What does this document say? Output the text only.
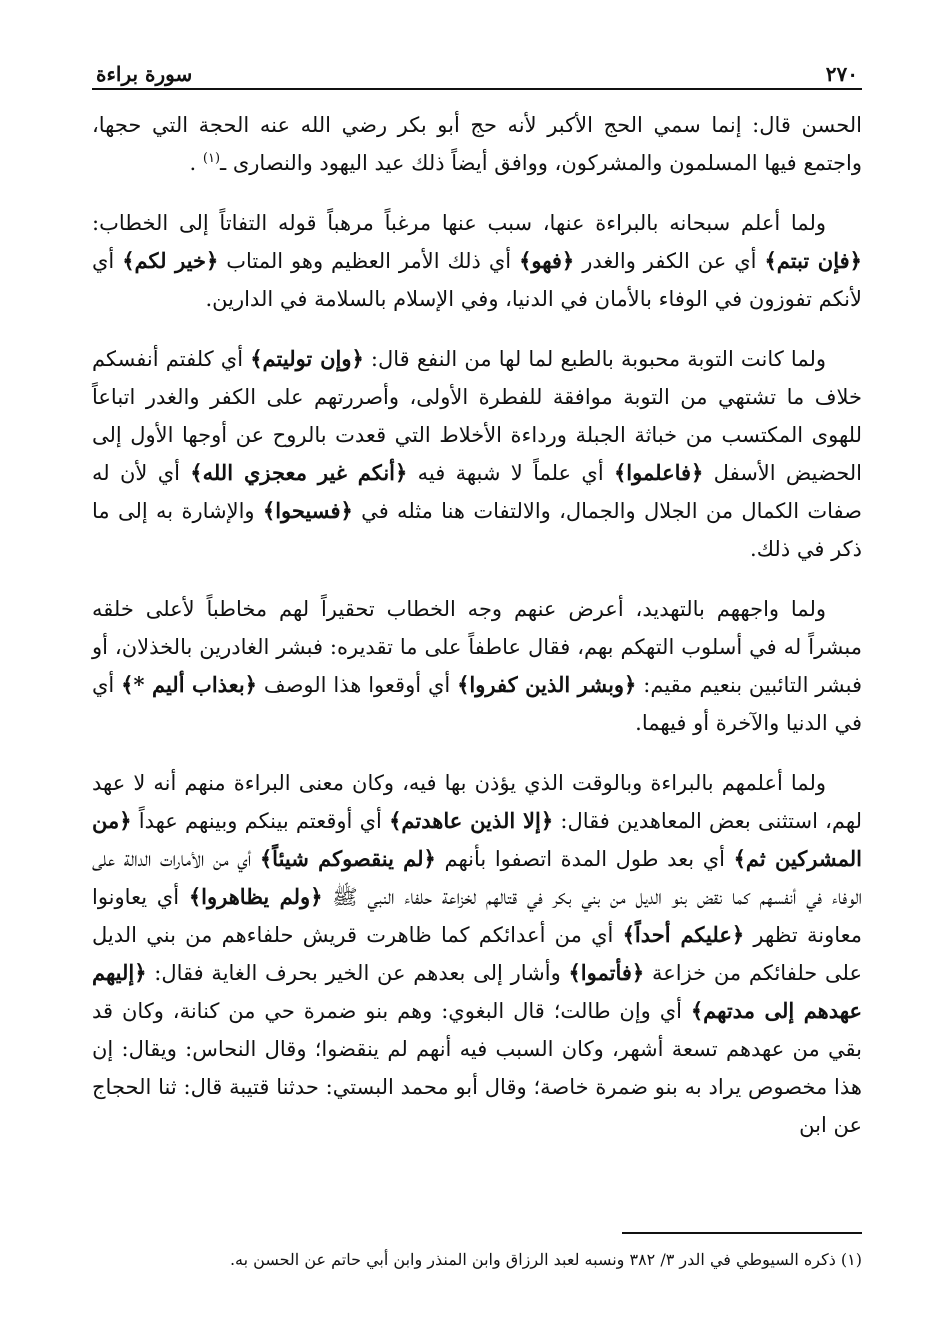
٢٧٠
سورة براءة

الحسن قال: إنما سمي الحج الأكبر لأنه حج أبو بكر رضي الله عنه الحجة التي حجها، واجتمع فيها المسلمون والمشركون، ووافق أيضاً ذلك عيد اليهود والنصارى ـ$^{(١)}$ .

ولما أعلم سبحانه بالبراءة عنها، سبب عنها مرغباً مرهباً قوله التفاتاً إلى الخطاب: ﴿فإن تبتم﴾ أي عن الكفر والغدر ﴿فهو﴾ أي ذلك الأمر العظيم وهو المتاب ﴿خير لكم﴾ أي لأنكم تفوزون في الوفاء بالأمان في الدنيا، وفي الإسلام بالسلامة في الدارين.

ولما كانت التوبة محبوبة بالطبع لما لها من النفع قال: ﴿وإن توليتم﴾ أي كلفتم أنفسكم خلاف ما تشتهي من التوبة موافقة للفطرة الأولى، وأصررتهم على الكفر والغدر اتباعاً للهوى المكتسب من خباثة الجبلة ورداءة الأخلاط التي قعدت بالروح عن أوجها الأول إلى الحضيض الأسفل ﴿فاعلموا﴾ أي علماً لا شبهة فيه ﴿أنكم غير معجزي الله﴾ أي لأن له صفات الكمال من الجلال والجمال، والالتفات هنا مثله في ﴿فسيحوا﴾ والإشارة به إلى ما ذكر في ذلك.

ولما واجههم بالتهديد، أعرض عنهم وجه الخطاب تحقيراً لهم مخاطباً لأعلى خلقه مبشراً له في أسلوب التهكم بهم، فقال عاطفاً على ما تقديره: فبشر الغادرين بالخذلان، أو فبشر التائبين بنعيم مقيم: ﴿وبشر الذين كفروا﴾ أي أوقعوا هذا الوصف ﴿بعذاب أليم *﴾ أي في الدنيا والآخرة أو فيهما.

ولما أعلمهم بالبراءة وبالوقت الذي يؤذن بها فيه، وكان معنى البراءة منهم أنه لا عهد لهم، استثنى بعض المعاهدين فقال: ﴿إلا الذين عاهدتم﴾ أي أوقعتم بينكم وبينهم عهداً ﴿من المشركين ثم﴾ أي بعد طول المدة اتصفوا بأنهم ﴿لم ينقصوكم شيئاً﴾ أي من الأمارات الدالة على الوفاء في أنفسهم كما نقض بنو الديل من بني بكر في قتالهم لخزاعة حلفاء النبي ﷺ ﴿ولم يظاهروا﴾ أي يعاونوا معاونة تظهر ﴿عليكم أحداً﴾ أي من أعدائكم كما ظاهرت قريش حلفاءهم من بني الديل على حلفائكم من خزاعة ﴿فأتموا﴾ وأشار إلى بعدهم عن الخير بحرف الغاية فقال: ﴿إليهم عهدهم إلى مدتهم﴾ أي وإن طالت؛ قال البغوي: وهم بنو ضمرة حي من كنانة، وكان قد بقي من عهدهم تسعة أشهر، وكان السبب فيه أنهم لم ينقضوا؛ وقال النحاس: ويقال: إن هذا مخصوص يراد به بنو ضمرة خاصة؛ وقال أبو محمد البستي: حدثنا قتيبة قال: ثنا الحجاج عن ابن

(١) ذكره السيوطي في الدر ٣/ ٣٨٢ ونسبه لعبد الرزاق وابن المنذر وابن أبي حاتم عن الحسن به.
